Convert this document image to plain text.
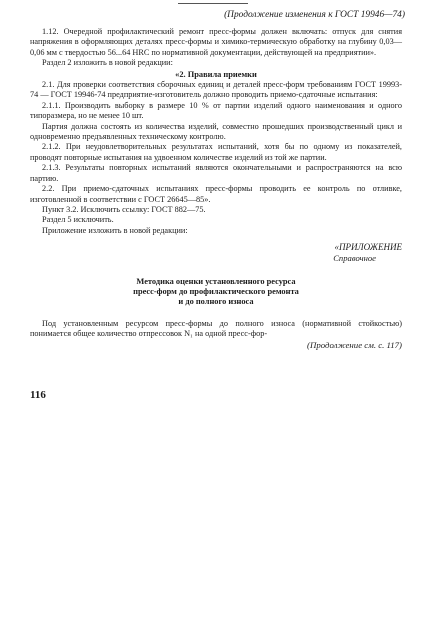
(Продолжение изменения к ГОСТ 19946—74)

1.12. Очередной профилактический ремонт пресс-формы должен включать: отпуск для снятия напряжения в оформляющих деталях пресс-формы и химико-термическую обработку на глубину 0,03—0,06 мм с твердостью 56...64 HRC по нормативной документации, действующей на предприятии».

Раздел 2 изложить в новой редакции:

«2. Правила приемки

2.1. Для проверки соответствия сборочных единиц и деталей пресс-форм требованиям ГОСТ 19993-74 — ГОСТ 19946-74 предприятие-изготовитель должно проводить приемо-сдаточные испытания:

2.1.1. Производить выборку в размере 10 % от партии изделий одного наименования и одного типоразмера, но не менее 10 шт.

Партия должна состоять из количества изделий, совместно прошедших производственный цикл и одновременно предъявленных техническому контролю.

2.1.2. При неудовлетворительных результатах испытаний, хотя бы по одному из показателей, проводят повторные испытания на удвоенном количестве изделий из той же партии.

2.1.3. Результаты повторных испытаний являются окончательными и распространяются на всю партию.

2.2. При приемо-сдаточных испытаниях пресс-формы проводить ее контроль по отливке, изготовленной в соответствии с ГОСТ 26645—85».

Пункт 3.2. Исключить ссылку: ГОСТ 882—75.

Раздел 5 исключить.

Приложение изложить в новой редакции:

«ПРИЛОЖЕНИЕ

Справочное

Методика оценки установленного ресурса
пресс-форм до профилактического ремонта
и до полного износа

Под установленным ресурсом пресс-формы до полного износа (нормативной стойкостью) понимается общее количество отпрессовок N₁ на одной пресс-фор-

(Продолжение см. с. 117)

116
